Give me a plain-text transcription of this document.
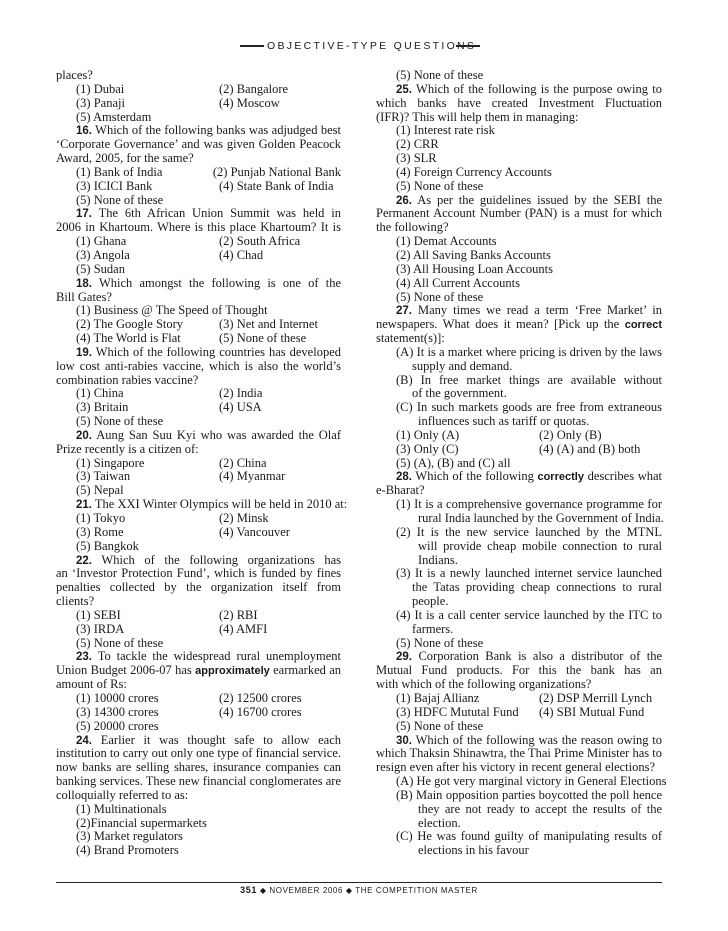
OBJECTIVE-TYPE QUESTIONS
places?
(1) Dubai	(2) Bangalore
(3) Panaji	(4) Moscow
(5) Amsterdam
16. Which of the following banks was adjudged best
‘Corporate Governance’ and was given Golden Peacock
Award, 2005, for the same?
(1) Bank of India	(2) Punjab National Bank
(3) ICICI Bank	(4) State Bank of India
(5) None of these
17. The 6th African Union Summit was held in
2006 in Khartoum. Where is this place Khartoum? It is
(1) Ghana	(2) South Africa
(3) Angola	(4) Chad
(5) Sudan
18. Which amongst the following is one of the
Bill Gates?
(1) Business @ The Speed of Thought
(2) The Google Story	(3) Net and Internet
(4) The World is Flat	(5) None of these
19. Which of the following countries has developed
low cost anti-rabies vaccine, which is also the world’s
combination rabies vaccine?
(1) China	(2) India
(3) Britain	(4) USA
(5) None of these
20. Aung San Suu Kyi who was awarded the Olaf
Prize recently is a citizen of:
(1) Singapore	(2) China
(3) Taiwan	(4) Myanmar
(5) Nepal
21. The XXI Winter Olympics will be held in 2010 at:
(1) Tokyo	(2) Minsk
(3) Rome	(4) Vancouver
(5) Bangkok
22. Which of the following organizations has
an ‘Investor Protection Fund’, which is funded by fines
penalties collected by the organization itself from
clients?
(1) SEBI	(2) RBI
(3) IRDA	(4) AMFI
(5) None of these
23. To tackle the widespread rural unemployment
Union Budget 2006-07 has approximately earmarked an
amount of Rs:
(1) 10000 crores	(2) 12500 crores
(3) 14300 crores	(4) 16700 crores
(5) 20000 crores
24. Earlier it was thought safe to allow each
institution to carry out only one type of financial service.
now banks are selling shares, insurance companies can
banking services. These new financial conglomerates are
colloquially referred to as:
(1) Multinationals
(2)Financial supermarkets
(3) Market regulators
(4) Brand Promoters
(5) None of these
25. Which of the following is the purpose owing to
which banks have created Investment Fluctuation
(IFR)? This will help them in managing:
(1) Interest rate risk
(2) CRR
(3) SLR
(4) Foreign Currency Accounts
(5) None of these
26. As per the guidelines issued by the SEBI the
Permanent Account Number (PAN) is a must for which
the following?
(1) Demat Accounts
(2) All Saving Banks Accounts
(3) All Housing Loan Accounts
(4) All Current Accounts
(5) None of these
27. Many times we read a term ‘Free Market’ in
newspapers. What does it mean? [Pick up the correct
statement(s)]:
(A) It is a market where pricing is driven by the laws
supply and demand.
(B) In free market things are available without
of the government.
(C) In such markets goods are free from extraneous
influences such as tariff or quotas.
(1) Only (A)	(2) Only (B)
(3) Only (C)	(4) (A) and (B) both
(5) (A), (B) and (C) all
28. Which of the following correctly describes what
e-Bharat?
(1) It is a comprehensive governance programme for
rural India launched by the Government of India.
(2) It is the new service launched by the MTNL
will provide cheap mobile connection to rural
Indians.
(3) It is a newly launched internet service launched
the Tatas providing cheap connections to rural
people.
(4) It is a call center service launched by the ITC to
farmers.
(5) None of these
29. Corporation Bank is also a distributor of the
Mutual Fund products. For this the bank has an
with which of the following organizations?
(1) Bajaj Allianz	(2) DSP Merrill Lynch
(3) HDFC Mututal Fund	(4) SBI Mutual Fund
(5) None of these
30. Which of the following was the reason owing to
which Thaksin Shinawtra, the Thai Prime Minister has to
resign even after his victory in recent general elections?
(A) He got very marginal victory in General Elections
(B) Main opposition parties boycotted the poll hence
they are not ready to accept the results of the
election.
(C) He was found guilty of manipulating results of
elections in his favour
351 ◆ NOVEMBER 2006 ◆ THE COMPETITION MASTER
